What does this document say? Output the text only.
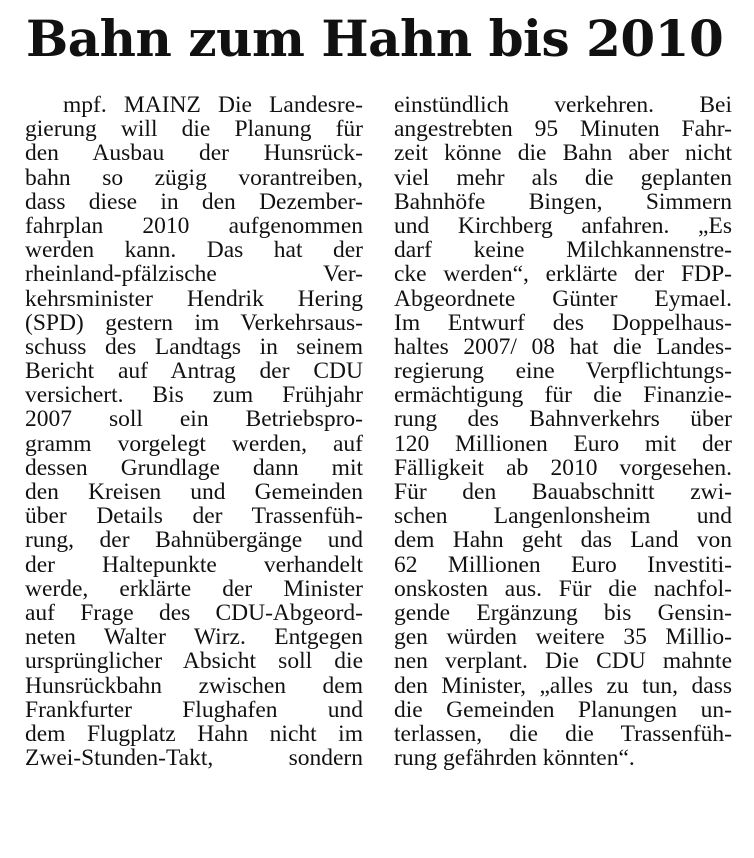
Bahn zum Hahn bis 2010
mpf. MAINZ Die Landesre-
gierung will die Planung für
den Ausbau der Hunsrück-
bahn so zügig vorantreiben,
dass diese in den Dezember-
fahrplan 2010 aufgenommen
werden kann. Das hat der
rheinland-pfälzische Ver-
kehrsminister Hendrik Hering
(SPD) gestern im Verkehrsaus-
schuss des Landtags in seinem
Bericht auf Antrag der CDU
versichert. Bis zum Frühjahr
2007 soll ein Betriebspro-
gramm vorgelegt werden, auf
dessen Grundlage dann mit
den Kreisen und Gemeinden
über Details der Trassenfüh-
rung, der Bahnübergänge und
der Haltepunkte verhandelt
werde, erklärte der Minister
auf Frage des CDU-Abgeord-
neten Walter Wirz. Entgegen
ursprünglicher Absicht soll die
Hunsrückbahn zwischen dem
Frankfurter Flughafen und
dem Flugplatz Hahn nicht im
Zwei-Stunden-Takt, sondern
einstündlich verkehren. Bei
angestrebten 95 Minuten Fahr-
zeit könne die Bahn aber nicht
viel mehr als die geplanten
Bahnhöfe Bingen, Simmern
und Kirchberg anfahren. „Es
darf keine Milchkannenstre-
cke werden“, erklärte der FDP-
Abgeordnete Günter Eymael.
Im Entwurf des Doppelhaus-
haltes 2007/ 08 hat die Landes-
regierung eine Verpflichtungs-
ermächtigung für die Finanzie-
rung des Bahnverkehrs über
120 Millionen Euro mit der
Fälligkeit ab 2010 vorgesehen.
Für den Bauabschnitt zwi-
schen Langenlonsheim und
dem Hahn geht das Land von
62 Millionen Euro Investiti-
onskosten aus. Für die nachfol-
gende Ergänzung bis Gensin-
gen würden weitere 35 Millio-
nen verplant. Die CDU mahnte
den Minister, „alles zu tun, dass
die Gemeinden Planungen un-
terlassen, die die Trassenfüh-
rung gefährden könnten“.
